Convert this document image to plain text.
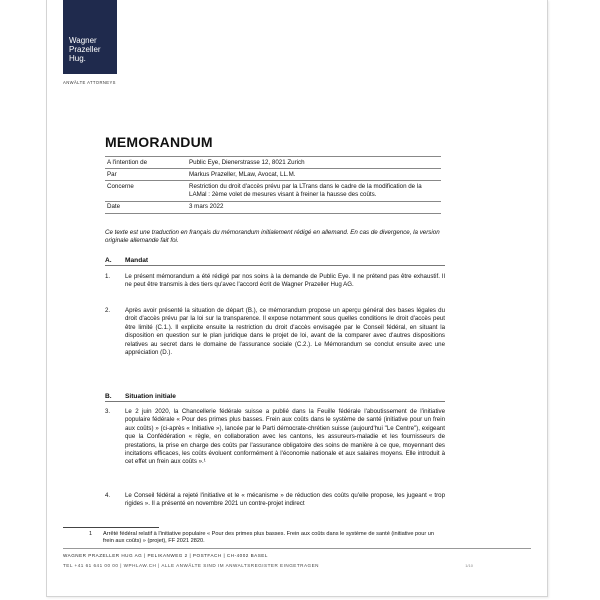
Wagner
Prazeller
Hug.
ANWÄLTE ATTORNEYS
MEMORANDUM
A l'intention de	Public Eye, Dienerstrasse 12, 8021 Zurich
Par	Markus Prazeller, MLaw, Avocat, LL.M.
Concerne	Restriction du droit d'accès prévu par la LTrans dans le cadre de la modification de la LAMal : 2ème volet de mesures visant à freiner la hausse des coûts.
Date	3 mars 2022
Ce texte est une traduction en français du mémorandum initialement rédigé en allemand. En cas de divergence, la version originale allemande fait foi.
A. Mandat
1.	Le présent mémorandum a été rédigé par nos soins à la demande de Public Eye. Il ne prétend pas être exhaustif. Il ne peut être transmis à des tiers qu'avec l'accord écrit de Wagner Prazeller Hug AG.
2.	Après avoir présenté la situation de départ (B.), ce mémorandum propose un aperçu général des bases légales du droit d'accès prévu par la loi sur la transparence. Il expose notamment sous quelles conditions le droit d'accès peut être limité (C.1.). Il explicite ensuite la restriction du droit d'accès envisagée par le Conseil fédéral, en situant la disposition en question sur le plan juridique dans le projet de loi, avant de la comparer avec d'autres dispositions relatives au secret dans le domaine de l'assurance sociale (C.2.). Le Mémorandum se conclut ensuite avec une appréciation (D.).
B. Situation initiale
3.	Le 2 juin 2020, la Chancellerie fédérale suisse a publié dans la Feuille fédérale l'aboutissement de l'initiative populaire fédérale « Pour des primes plus basses. Frein aux coûts dans le système de santé (initiative pour un frein aux coûts) » (ci-après « Initiative »), lancée par le Parti démocrate-chrétien suisse (aujourd'hui "Le Centre"), exigeant que la Confédération « règle, en collaboration avec les cantons, les assureurs-maladie et les fournisseurs de prestations, la prise en charge des coûts par l'assurance obligatoire des soins de manière à ce que, moyennant des incitations efficaces, les coûts évoluent conformément à l'économie nationale et aux salaires moyens. Elle introduit à cet effet un frein aux coûts ».¹
4.	Le Conseil fédéral a rejeté l'initiative et le « mécanisme » de réduction des coûts qu'elle propose, les jugeant « trop rigides ». Il a présenté en novembre 2021 un contre-projet indirect
1 Arrêté fédéral relatif à l'initiative populaire « Pour des primes plus basses. Frein aux coûts dans le système de santé (initiative pour un frein aux coûts) » (projet), FF 2021 2820.
WAGNER PRAZELLER HUG AG | PELIKANWEG 2 | POSTFACH | CH-4002 BASEL
TEL +41 61 641 00 00 | WPHLAW.CH | ALLE ANWÄLTE SIND IM ANWALTSREGISTER EINGETRAGEN	1/10
